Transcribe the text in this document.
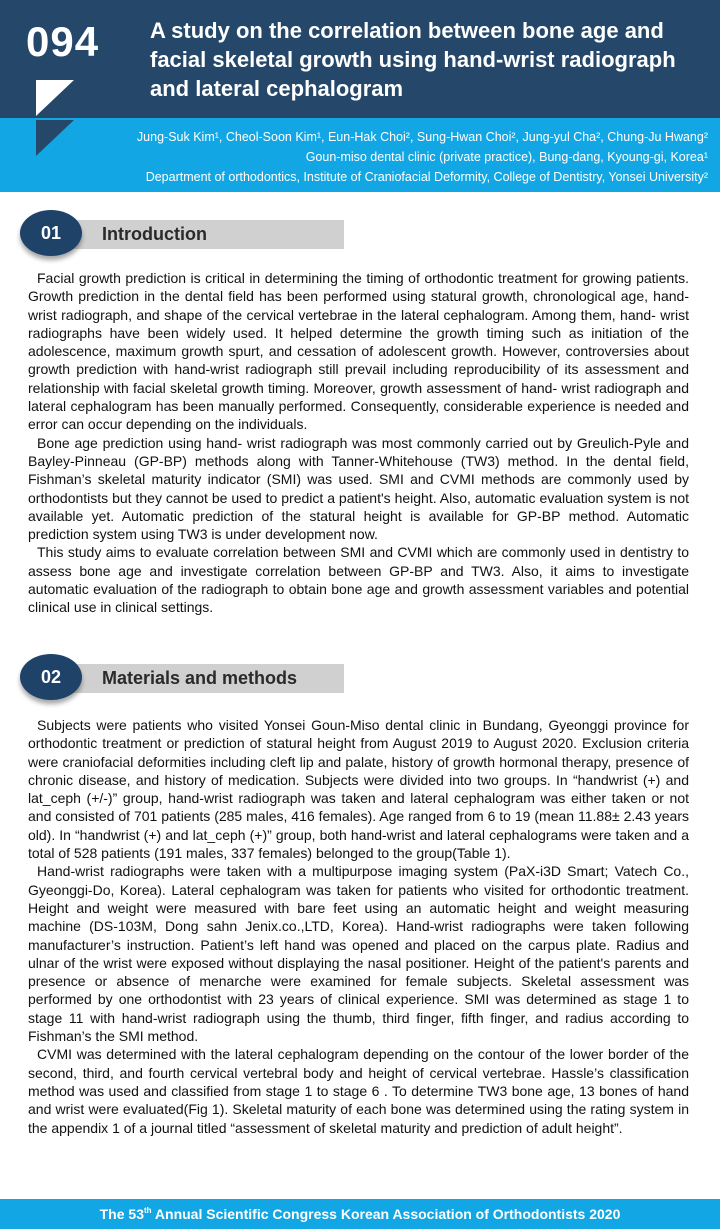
094 A study on the correlation between bone age and facial skeletal growth using hand-wrist radiograph and lateral cephalogram
Jung-Suk Kim¹, Cheol-Soon Kim¹, Eun-Hak Choi², Sung-Hwan Choi², Jung-yul Cha², Chung-Ju Hwang²
Goun-miso dental clinic (private practice), Bung-dang, Kyoung-gi, Korea¹
Department of orthodontics, Institute of Craniofacial Deformity, College of Dentistry, Yonsei University²
Introduction
01

Facial growth prediction is critical in determining the timing of orthodontic treatment for growing patients. Growth prediction in the dental field has been performed using statural growth, chronological age, hand-wrist radiograph, and shape of the cervical vertebrae in the lateral cephalogram. Among them, hand- wrist radiographs have been widely used. It helped determine the growth timing such as initiation of the adolescence, maximum growth spurt, and cessation of adolescent growth. However, controversies about growth prediction with hand-wrist radiograph still prevail including reproducibility of its assessment and relationship with facial skeletal growth timing. Moreover, growth assessment of hand- wrist radiograph and lateral cephalogram has been manually performed. Consequently, considerable experience is needed and error can occur depending on the individuals.

Bone age prediction using hand- wrist radiograph was most commonly carried out by Greulich-Pyle and Bayley-Pinneau (GP-BP) methods along with Tanner-Whitehouse (TW3) method. In the dental field, Fishman’s skeletal maturity indicator (SMI) was used. SMI and CVMI methods are commonly used by orthodontists but they cannot be used to predict a patient's height. Also, automatic evaluation system is not available yet. Automatic prediction of the statural height is available for GP-BP method. Automatic prediction system using TW3 is under development now.

This study aims to evaluate correlation between SMI and CVMI which are commonly used in dentistry to assess bone age and investigate correlation between GP-BP and TW3. Also, it aims to investigate automatic evaluation of the radiograph to obtain bone age and growth assessment variables and potential clinical use in clinical settings.

Materials and methods
02

Subjects were patients who visited Yonsei Goun-Miso dental clinic in Bundang, Gyeonggi province for orthodontic treatment or prediction of statural height from August 2019 to August 2020. Exclusion criteria were craniofacial deformities including cleft lip and palate, history of growth hormonal therapy, presence of chronic disease, and history of medication. Subjects were divided into two groups. In “handwrist (+) and lat_ceph (+/-)” group, hand-wrist radiograph was taken and lateral cephalogram was either taken or not and consisted of 701 patients (285 males, 416 females). Age ranged from 6 to 19 (mean 11.88± 2.43 years old). In “handwrist (+) and lat_ceph (+)” group, both hand-wrist and lateral cephalograms were taken and a total of 528 patients (191 males, 337 females) belonged to the group(Table 1).

Hand-wrist radiographs were taken with a multipurpose imaging system (PaX-i3D Smart; Vatech Co., Gyeonggi-Do, Korea). Lateral cephalogram was taken for patients who visited for orthodontic treatment. Height and weight were measured with bare feet using an automatic height and weight measuring machine (DS-103M, Dong sahn Jenix.co.,LTD, Korea). Hand-wrist radiographs were taken following manufacturer’s instruction. Patient’s left hand was opened and placed on the carpus plate. Radius and ulnar of the wrist were exposed without displaying the nasal positioner. Height of the patient's parents and presence or absence of menarche were examined for female subjects. Skeletal assessment was performed by one orthodontist with 23 years of clinical experience. SMI was determined as stage 1 to stage 11 with hand-wrist radiograph using the thumb, third finger, fifth finger, and radius according to Fishman’s the SMI method.

CVMI was determined with the lateral cephalogram depending on the contour of the lower border of the second, third, and fourth cervical vertebral body and height of cervical vertebrae. Hassle’s classification method was used and classified from stage 1 to stage 6 . To determine TW3 bone age, 13 bones of hand and wrist were evaluated(Fig 1). Skeletal maturity of each bone was determined using the rating system in the appendix 1 of a journal titled “assessment of skeletal maturity and prediction of adult height”.

The 53th Annual Scientific Congress Korean Association of Orthodontists 2020
